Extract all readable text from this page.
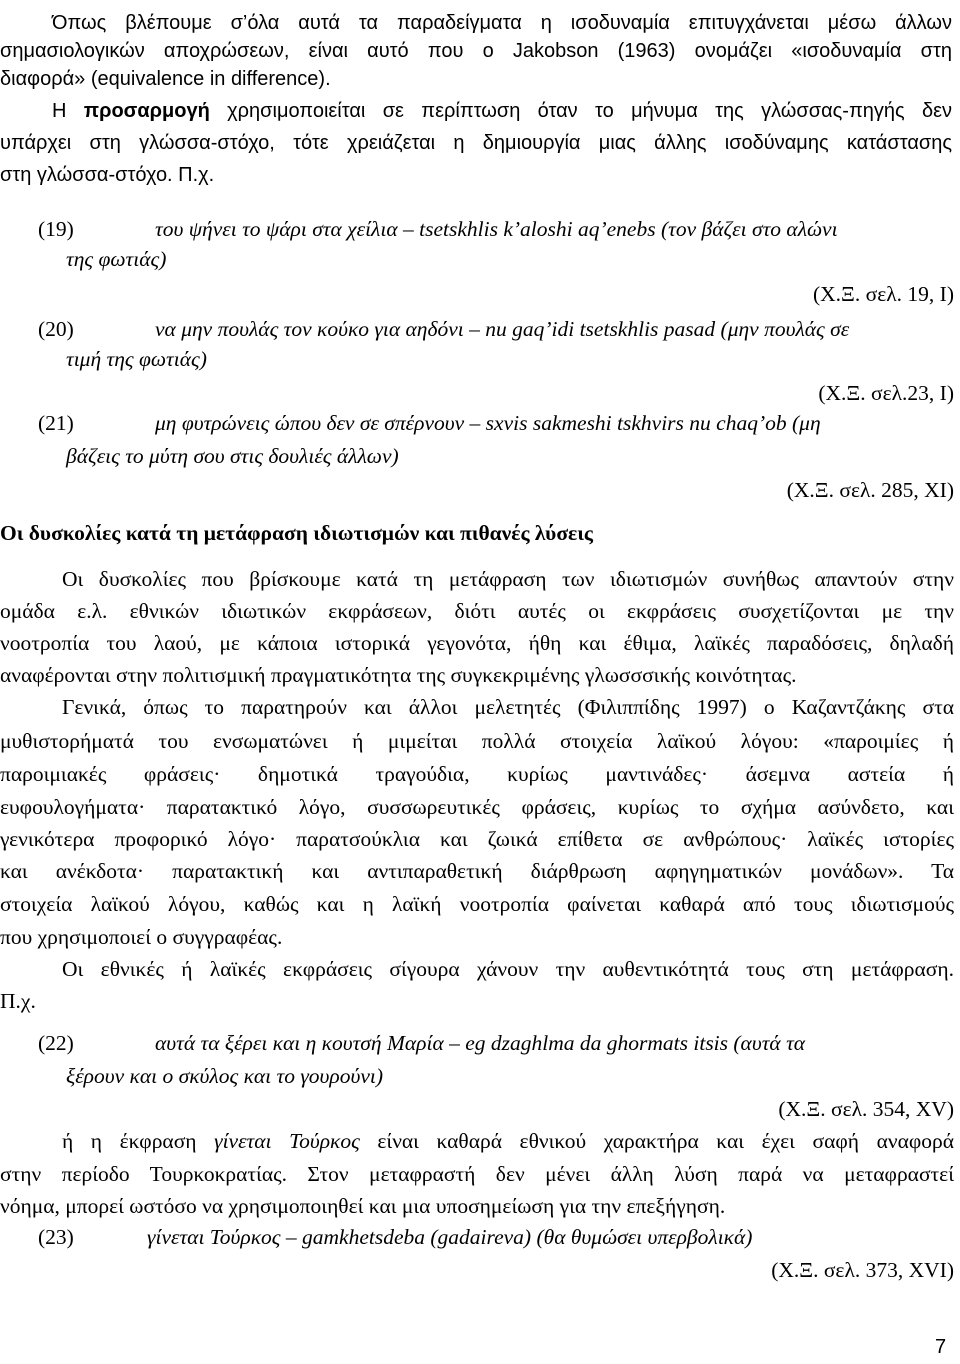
Όπως βλέπουμε σ’όλα αυτά τα παραδείγματα η ισοδυναμία επιτυγχάνεται μέσω άλλων
σημασιολογικών αποχρώσεων, είναι αυτό που ο Jakobson (1963) ονομάζει «ισοδυναμία στη
διαφορά» (equivalence in difference).
Η προσαρμογή χρησιμοποιείται σε περίπτωση όταν το μήνυμα της γλώσσας-πηγής δεν
υπάρχει στη γλώσσα-στόχο, τότε χρειάζεται η δημιουργία μιας άλλης ισοδύναμης κατάστασης
στη γλώσσα-στόχο. Π.χ.
(19)	του ψήνει το ψάρι στα χείλια – tsetskhlis k’aloshi aq’enebs (τον βάζει στο αλώνι
της φωτιάς)
(Χ.Ξ. σελ. 19, Ι)
(20)	να μην πουλάς τον κούκο για αηδόνι – nu gaq’idi tsetskhlis pasad (μην πουλάς σε
τιμή της φωτιάς)
(Χ.Ξ. σελ.23, Ι)
(21)	μη φυτρώνεις ώπου δεν σε σπέρνουν – sxvis sakmeshi tskhvirs nu chaq’ob (μη
βάζεις το μύτη σου στις δουλιές άλλων)
(Χ.Ξ. σελ. 285, XI)
Οι δυσκολίες κατά τη μετάφραση ιδιωτισμών και πιθανές λύσεις
Οι δυσκολίες που βρίσκουμε κατά τη μετάφραση των ιδιωτισμών συνήθως απαντούν στην
ομάδα ε.λ. εθνικών ιδιωτικών εκφράσεων, διότι αυτές οι εκφράσεις συσχετίζονται με την
νοοτροπία του λαού, με κάποια ιστορικά γεγονότα, ήθη και έθιμα, λαϊκές παραδόσεις, δηλαδή
αναφέρονται στην πολιτισμική πραγματικότητα της συγκεκριμένης γλωσσσικής κοινότητας.
Γενικά, όπως το παρατηρούν και άλλοι μελετητές (Φιλιππίδης 1997) ο Καζαντζάκης στα
μυθιστορήματά του ενσωματώνει ή μιμείται πολλά στοιχεία λαϊκού λόγου: «παροιμίες ή
παροιμιακές φράσεις· δημοτικά τραγούδια, κυρίως μαντινάδες· άσεμνα αστεία ή
ευφουλογήματα· παρατακτικό λόγο, συσσωρευτικές φράσεις, κυρίως το σχήμα ασύνδετο, και
γενικότερα προφορικό λόγο· παρατσούκλια και ζωικά επίθετα σε ανθρώπους· λαϊκές ιστορίες
και ανέκδοτα· παρατακτική και αντιπαραθετική διάρθρωση αφηγηματικών μονάδων». Τα
στοιχεία λαϊκού λόγου, καθώς και η λαϊκή νοοτροπία φαίνεται καθαρά από τους ιδιωτισμούς
που χρησιμοποιεί ο συγγραφέας.
Οι εθνικές ή λαϊκές εκφράσεις σίγουρα χάνουν την αυθεντικότητά τους στη μετάφραση.
Π.χ.
(22)	αυτά τα ξέρει και η κουτσή Μαρία – eg dzaghlma da ghormats itsis (αυτά τα
ξέρουν και ο σκύλος και το γουρούνι)
(Χ.Ξ. σελ. 354, XV)
ή η έκφραση γίνεται Τούρκος είναι καθαρά εθνικού χαρακτήρα και έχει σαφή αναφορά
στην περίοδο Τουρκοκρατίας. Στον μεταφραστή δεν μένει άλλη λύση παρά να μεταφραστεί
νόημα, μπορεί ωστόσο να χρησιμοποιηθεί και μια υποσημείωση για την επεξήγηση.
(23)	γίνεται Τούρκος – gamkhetsdeba (gadaireva) (θα θυμώσει υπερβολικά)
(Χ.Ξ. σελ. 373, XVI)
7
